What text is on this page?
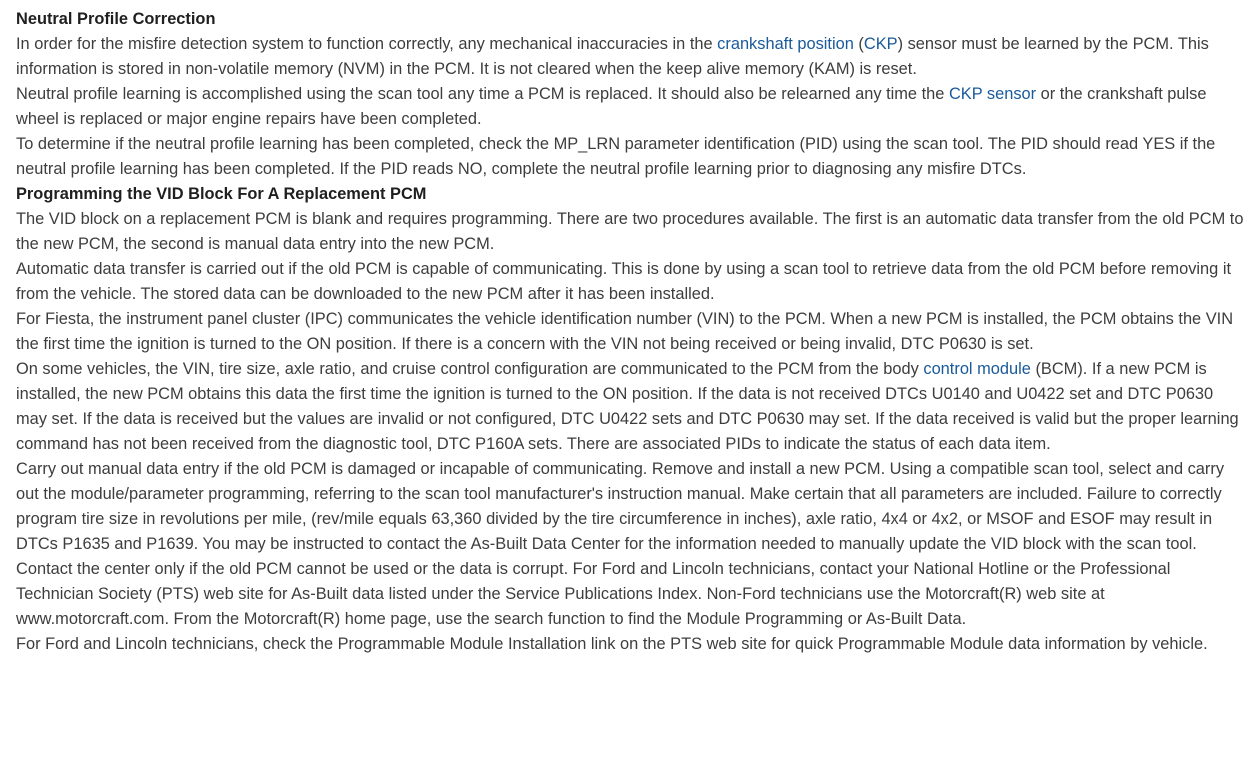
Neutral Profile Correction

In order for the misfire detection system to function correctly, any mechanical inaccuracies in the crankshaft position (CKP) sensor must be learned by the PCM. This information is stored in non-volatile memory (NVM) in the PCM. It is not cleared when the keep alive memory (KAM) is reset.

Neutral profile learning is accomplished using the scan tool any time a PCM is replaced. It should also be relearned any time the CKP sensor or the crankshaft pulse wheel is replaced or major engine repairs have been completed.

To determine if the neutral profile learning has been completed, check the MP_LRN parameter identification (PID) using the scan tool. The PID should read YES if the neutral profile learning has been completed. If the PID reads NO, complete the neutral profile learning prior to diagnosing any misfire DTCs.

Programming the VID Block For A Replacement PCM

The VID block on a replacement PCM is blank and requires programming. There are two procedures available. The first is an automatic data transfer from the old PCM to the new PCM, the second is manual data entry into the new PCM.

Automatic data transfer is carried out if the old PCM is capable of communicating. This is done by using a scan tool to retrieve data from the old PCM before removing it from the vehicle. The stored data can be downloaded to the new PCM after it has been installed.

For Fiesta, the instrument panel cluster (IPC) communicates the vehicle identification number (VIN) to the PCM. When a new PCM is installed, the PCM obtains the VIN the first time the ignition is turned to the ON position. If there is a concern with the VIN not being received or being invalid, DTC P0630 is set.

On some vehicles, the VIN, tire size, axle ratio, and cruise control configuration are communicated to the PCM from the body control module (BCM). If a new PCM is installed, the new PCM obtains this data the first time the ignition is turned to the ON position. If the data is not received DTCs U0140 and U0422 set and DTC P0630 may set. If the data is received but the values are invalid or not configured, DTC U0422 sets and DTC P0630 may set. If the data received is valid but the proper learning command has not been received from the diagnostic tool, DTC P160A sets. There are associated PIDs to indicate the status of each data item.

Carry out manual data entry if the old PCM is damaged or incapable of communicating. Remove and install a new PCM. Using a compatible scan tool, select and carry out the module/parameter programming, referring to the scan tool manufacturer's instruction manual. Make certain that all parameters are included. Failure to correctly program tire size in revolutions per mile, (rev/mile equals 63,360 divided by the tire circumference in inches), axle ratio, 4x4 or 4x2, or MSOF and ESOF may result in DTCs P1635 and P1639. You may be instructed to contact the As-Built Data Center for the information needed to manually update the VID block with the scan tool. Contact the center only if the old PCM cannot be used or the data is corrupt. For Ford and Lincoln technicians, contact your National Hotline or the Professional Technician Society (PTS) web site for As-Built data listed under the Service Publications Index. Non-Ford technicians use the Motorcraft(R) web site at www.motorcraft.com. From the Motorcraft(R) home page, use the search function to find the Module Programming or As-Built Data.

For Ford and Lincoln technicians, check the Programmable Module Installation link on the PTS web site for quick Programmable Module data information by vehicle.
